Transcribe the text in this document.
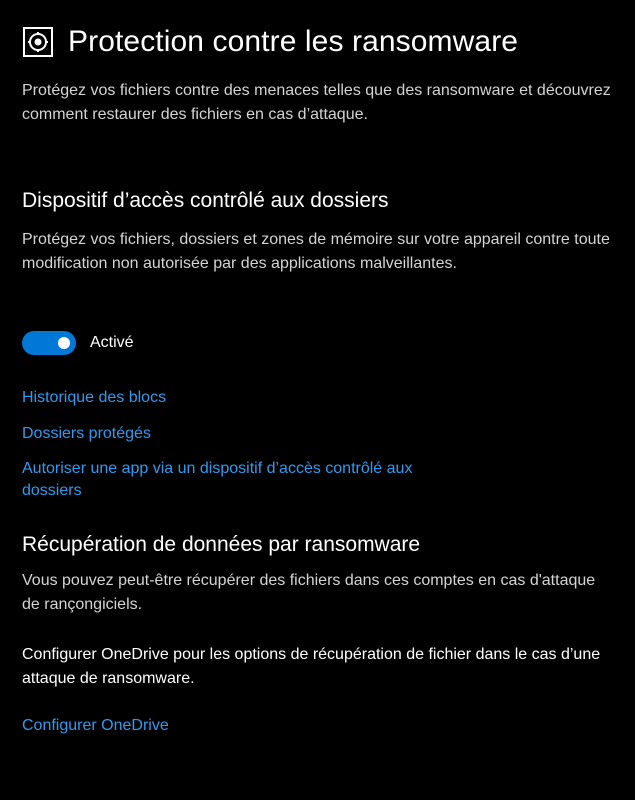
Protection contre les ransomware
Protégez vos fichiers contre des menaces telles que des ransomware et découvrez comment restaurer des fichiers en cas d’attaque.
Dispositif d’accès contrôlé aux dossiers
Protégez vos fichiers, dossiers et zones de mémoire sur votre appareil contre toute modification non autorisée par des applications malveillantes.
Activé
Historique des blocs
Dossiers protégés
Autoriser une app via un dispositif d’accès contrôlé aux dossiers
Récupération de données par ransomware
Vous pouvez peut-être récupérer des fichiers dans ces comptes en cas d'attaque de rançongiciels.
Configurer OneDrive pour les options de récupération de fichier dans le cas d’une attaque de ransomware.
Configurer OneDrive
